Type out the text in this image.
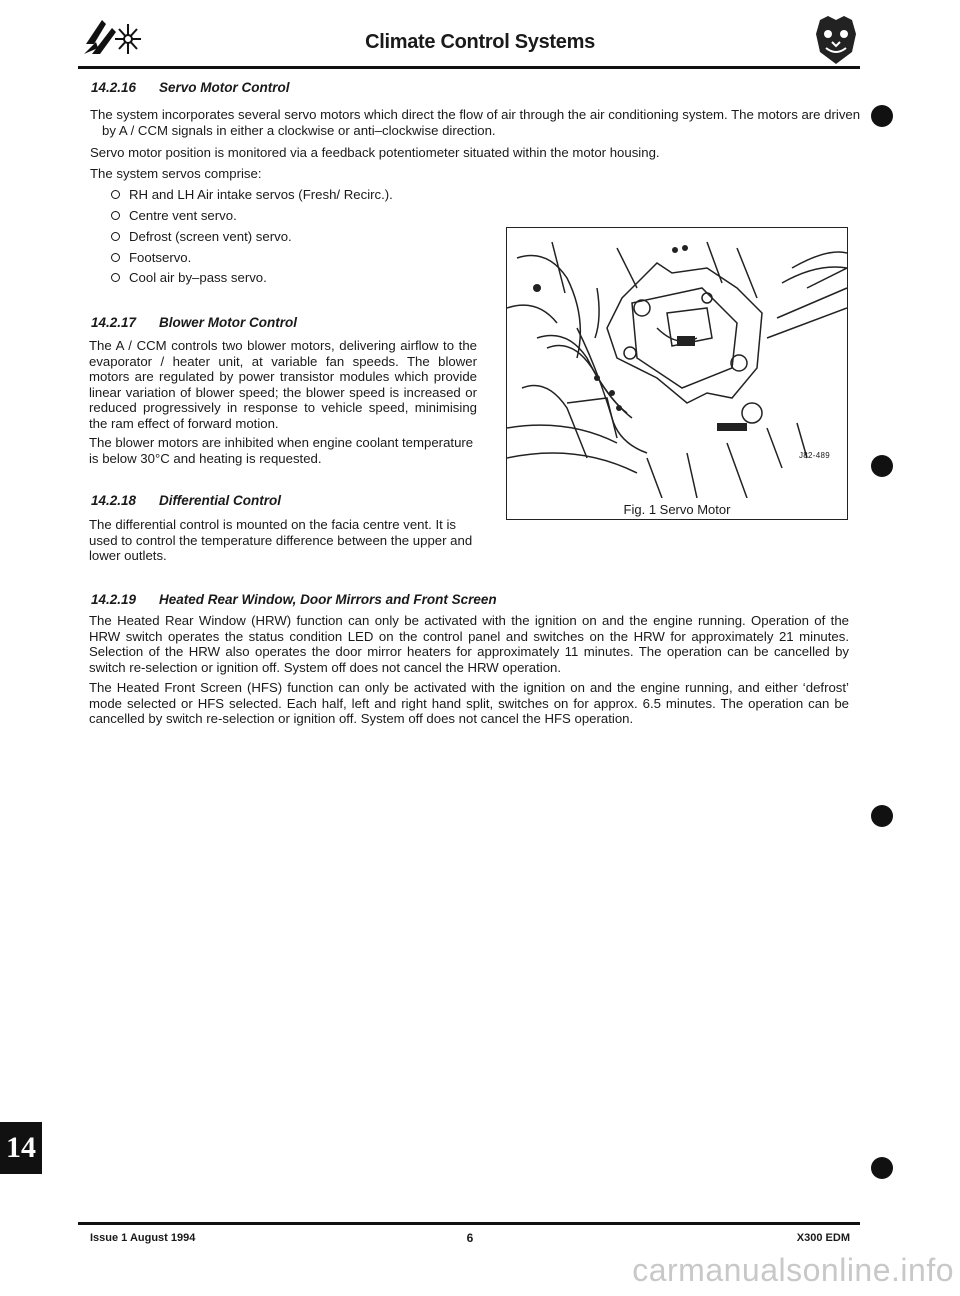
Climate Control Systems
14.2.16 Servo Motor Control

The system incorporates several servo motors which direct the flow of air through the air conditioning system. The motors are driven by A / CCM signals in either a clockwise or anti–clockwise direction.

Servo motor position is monitored via a feedback potentiometer situated within the motor housing.

The system servos comprise:

RH and LH Air intake servos (Fresh/ Recirc.).
Centre vent servo.
Defrost (screen vent) servo.
Footservo.
Cool air by–pass servo.
14.2.17 Blower Motor Control

The A / CCM controls two blower motors, delivering airflow to the evaporator / heater unit, at variable fan speeds. The blower motors are regulated by power transistor modules which provide linear variation of blower speed; the blower speed is increased or reduced progressively in response to vehicle speed, minimising the ram effect of forward motion.

The blower motors are inhibited when engine coolant temperature is below 30°C and heating is requested.

14.2.18 Differential Control

The differential control is mounted on the facia centre vent. It is used to control the temperature difference between the upper and lower outlets.

J82-489
Fig. 1 Servo Motor
14.2.19 Heated Rear Window, Door Mirrors and Front Screen

The Heated Rear Window (HRW) function can only be activated with the ignition on and the engine running. Operation of the HRW switch operates the status condition LED on the control panel and switches on the HRW for approximately 21 minutes. Selection of the HRW also operates the door mirror heaters for approximately 11 minutes. The operation can be cancelled by switch re-selection or ignition off. System off does not cancel the HRW operation.

The Heated Front Screen (HFS) function can only be activated with the ignition on and the engine running, and either ‘defrost’ mode selected or HFS selected. Each half, left and right hand split, switches on for approx. 6.5 minutes. The operation can be cancelled by switch re-selection or ignition off. System off does not cancel the HFS operation.

14
Issue 1 August 1994	6	X300 EDM
carmanualsonline.info
